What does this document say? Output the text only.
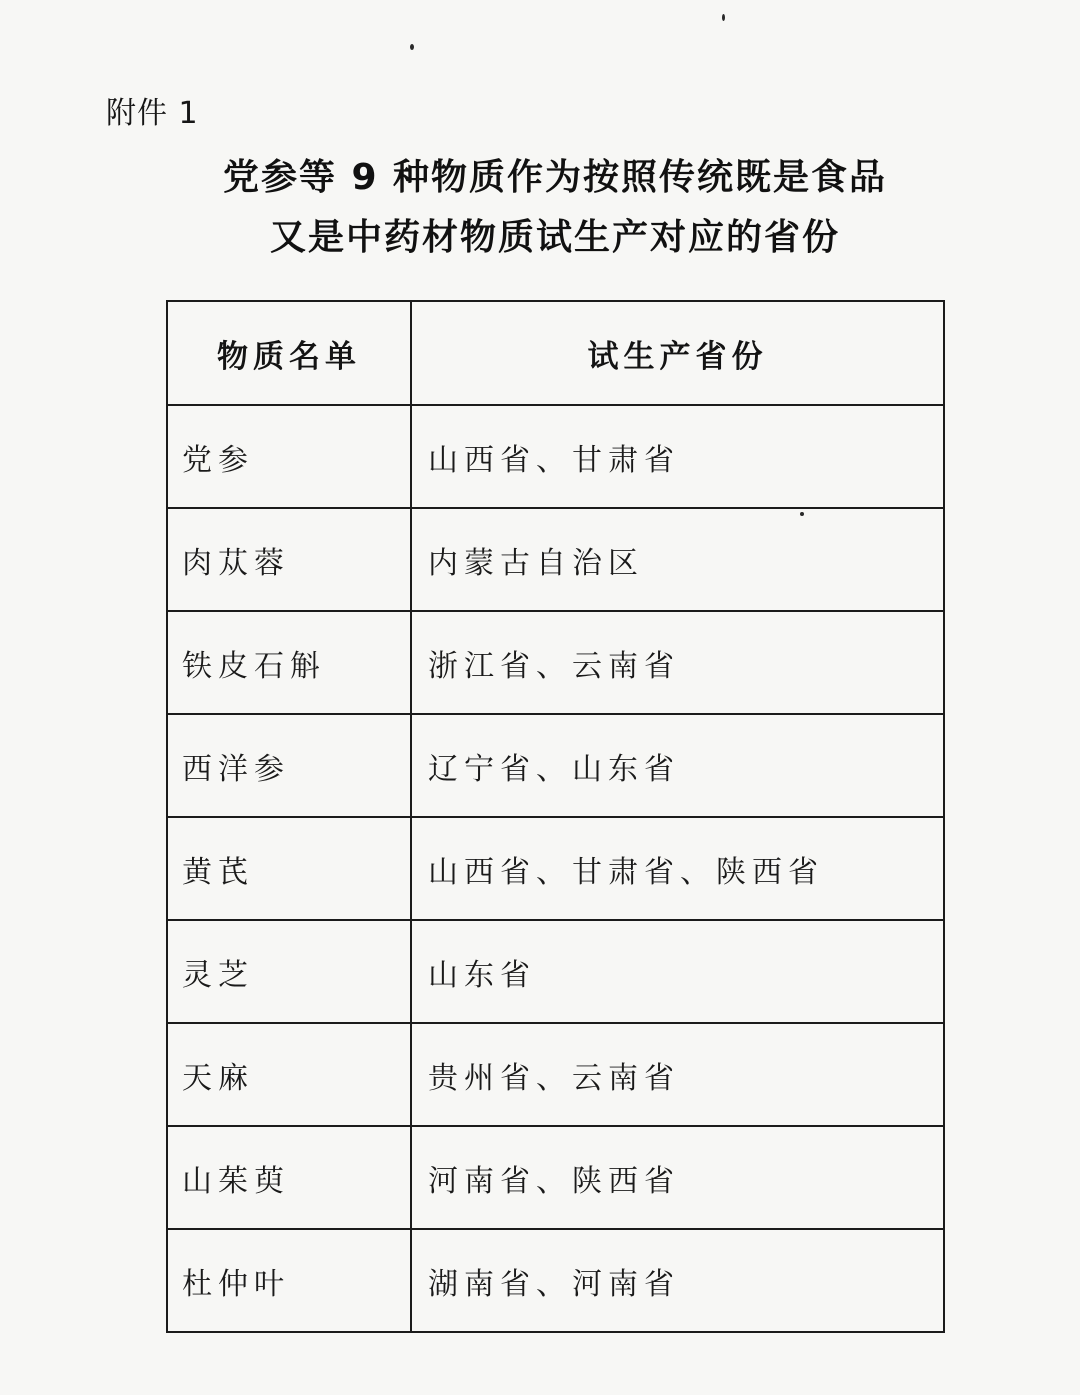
附件 1
党参等 9 种物质作为按照传统既是食品
又是中药材物质试生产对应的省份
物质名单	试生产省份
党参	山西省、甘肃省
肉苁蓉	内蒙古自治区
铁皮石斛	浙江省、云南省
西洋参	辽宁省、山东省
黄芪	山西省、甘肃省、陕西省
灵芝	山东省
天麻	贵州省、云南省
山茱萸	河南省、陕西省
杜仲叶	湖南省、河南省
